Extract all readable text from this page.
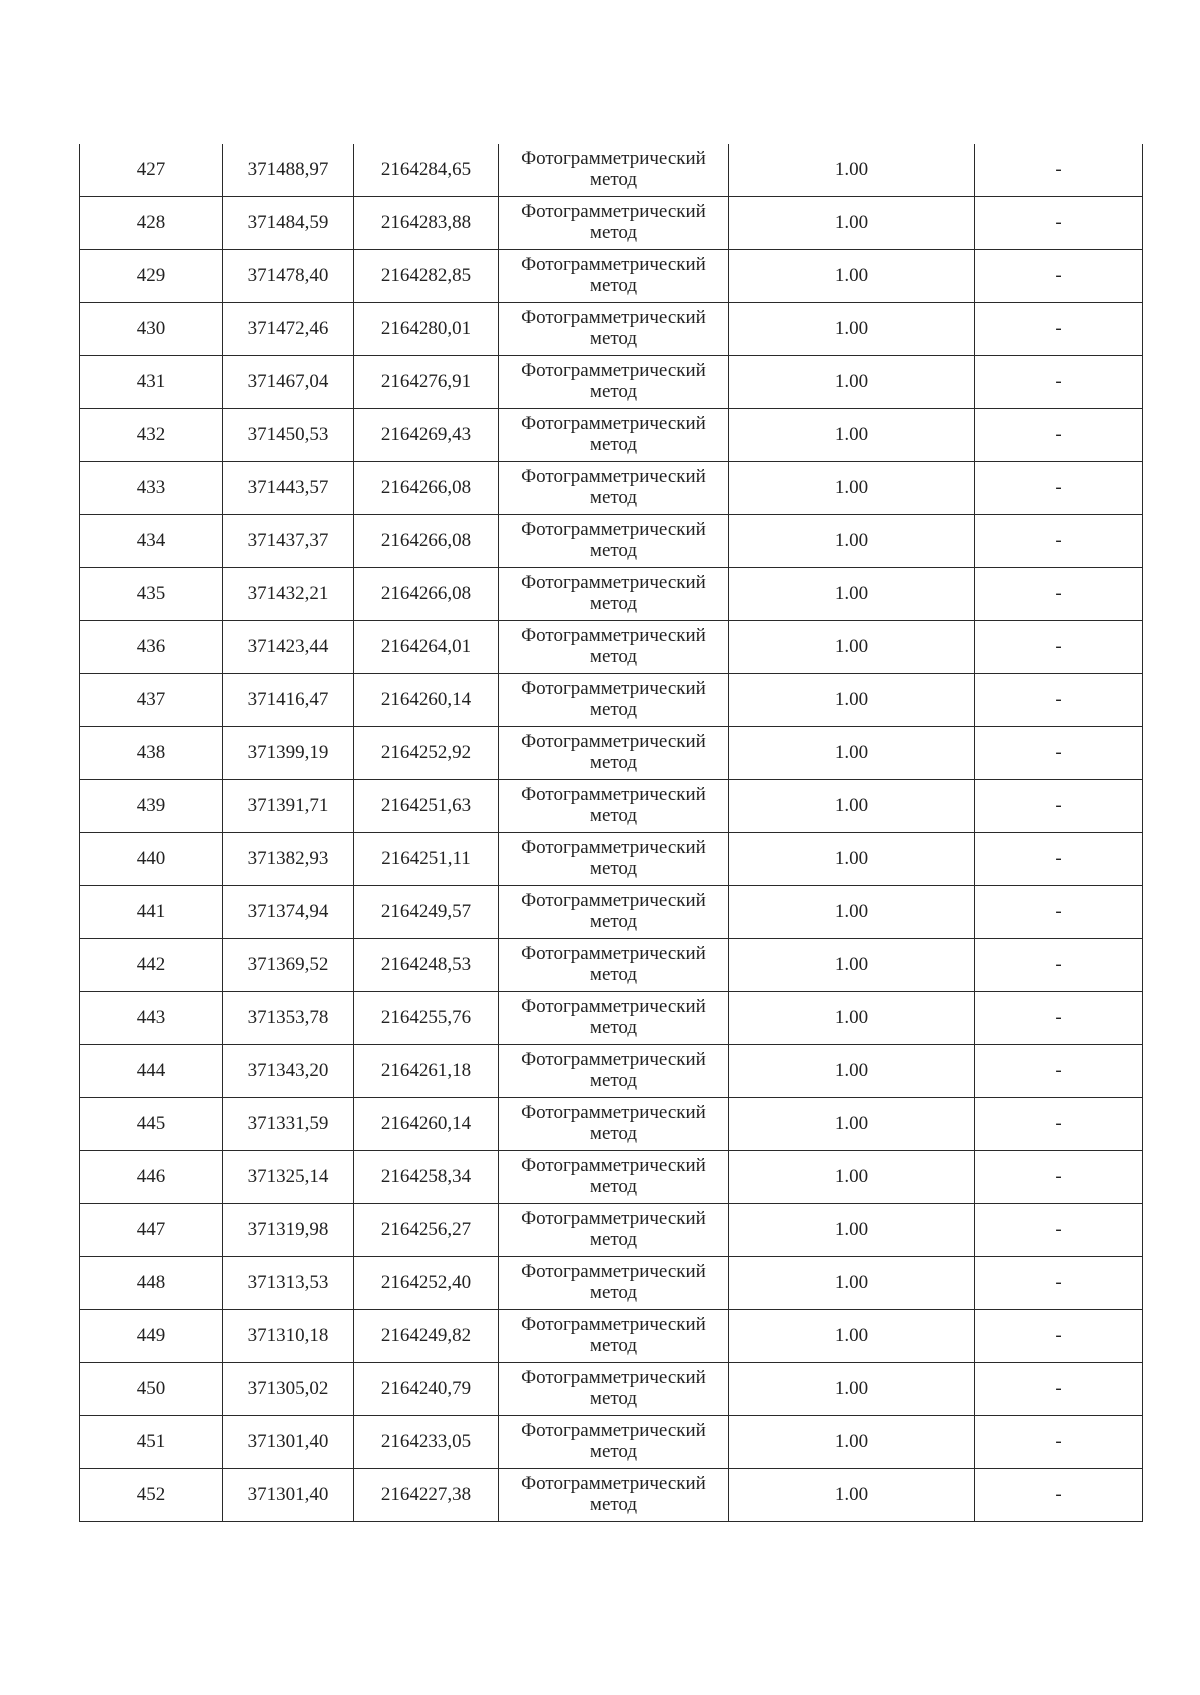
427	371488,97	2164284,65	Фотограмметрический
метод	1.00	-
428	371484,59	2164283,88	Фотограмметрический
метод	1.00	-
429	371478,40	2164282,85	Фотограмметрический
метод	1.00	-
430	371472,46	2164280,01	Фотограмметрический
метод	1.00	-
431	371467,04	2164276,91	Фотограмметрический
метод	1.00	-
432	371450,53	2164269,43	Фотограмметрический
метод	1.00	-
433	371443,57	2164266,08	Фотограмметрический
метод	1.00	-
434	371437,37	2164266,08	Фотограмметрический
метод	1.00	-
435	371432,21	2164266,08	Фотограмметрический
метод	1.00	-
436	371423,44	2164264,01	Фотограмметрический
метод	1.00	-
437	371416,47	2164260,14	Фотограмметрический
метод	1.00	-
438	371399,19	2164252,92	Фотограмметрический
метод	1.00	-
439	371391,71	2164251,63	Фотограмметрический
метод	1.00	-
440	371382,93	2164251,11	Фотограмметрический
метод	1.00	-
441	371374,94	2164249,57	Фотограмметрический
метод	1.00	-
442	371369,52	2164248,53	Фотограмметрический
метод	1.00	-
443	371353,78	2164255,76	Фотограмметрический
метод	1.00	-
444	371343,20	2164261,18	Фотограмметрический
метод	1.00	-
445	371331,59	2164260,14	Фотограмметрический
метод	1.00	-
446	371325,14	2164258,34	Фотограмметрический
метод	1.00	-
447	371319,98	2164256,27	Фотограмметрический
метод	1.00	-
448	371313,53	2164252,40	Фотограмметрический
метод	1.00	-
449	371310,18	2164249,82	Фотограмметрический
метод	1.00	-
450	371305,02	2164240,79	Фотограмметрический
метод	1.00	-
451	371301,40	2164233,05	Фотограмметрический
метод	1.00	-
452	371301,40	2164227,38	Фотограмметрический
метод	1.00	-
